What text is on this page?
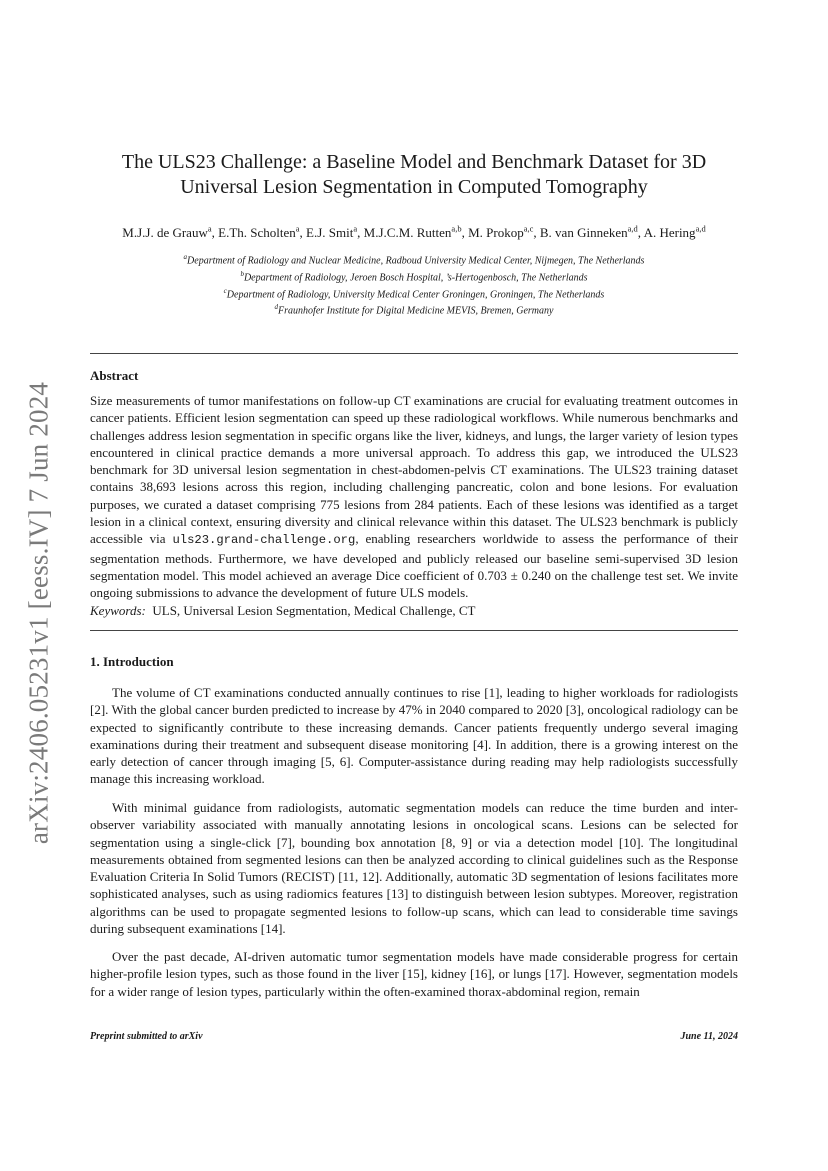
arXiv:2406.05231v1 [eess.IV] 7 Jun 2024
The ULS23 Challenge: a Baseline Model and Benchmark Dataset for 3D
Universal Lesion Segmentation in Computed Tomography
M.J.J. de Grauw$^a$, E.Th. Scholten$^a$, E.J. Smit$^a$, M.J.C.M. Rutten$^{a,b}$, M. Prokop$^{a,c}$, B. van Ginneken$^{a,d}$, A. Hering$^{a,d}$
$^a$Department of Radiology and Nuclear Medicine, Radboud University Medical Center, Nijmegen, The Netherlands
$^b$Department of Radiology, Jeroen Bosch Hospital, ’s-Hertogenbosch, The Netherlands
$^c$Department of Radiology, University Medical Center Groningen, Groningen, The Netherlands
$^d$Fraunhofer Institute for Digital Medicine MEVIS, Bremen, Germany
Abstract

Size measurements of tumor manifestations on follow-up CT examinations are crucial for evaluating treatment outcomes in cancer patients. Efficient lesion segmentation can speed up these radiological workflows. While numerous benchmarks and challenges address lesion segmentation in specific organs like the liver, kidneys, and lungs, the larger variety of lesion types encountered in clinical practice demands a more universal approach. To address this gap, we introduced the ULS23 benchmark for 3D universal lesion segmentation in chest-abdomen-pelvis CT examinations. The ULS23 training dataset contains 38,693 lesions across this region, including challenging pancreatic, colon and bone lesions. For evaluation purposes, we curated a dataset comprising 775 lesions from 284 patients. Each of these lesions was identified as a target lesion in a clinical context, ensuring diversity and clinical relevance within this dataset. The ULS23 benchmark is publicly accessible via uls23.grand-challenge.org, enabling researchers worldwide to assess the performance of their segmentation methods. Furthermore, we have developed and publicly released our baseline semi-supervised 3D lesion segmentation model. This model achieved an average Dice coefficient of 0.703 ± 0.240 on the challenge test set. We invite ongoing submissions to advance the development of future ULS models.

Keywords: ULS, Universal Lesion Segmentation, Medical Challenge, CT
1. Introduction

The volume of CT examinations conducted annually continues to rise [1], leading to higher workloads for radiologists [2]. With the global cancer burden predicted to increase by 47% in 2040 compared to 2020 [3], oncological radiology can be expected to significantly contribute to these increasing demands. Cancer patients frequently undergo several imaging examinations during their treatment and subsequent disease monitoring [4]. In addition, there is a growing interest on the early detection of cancer through imaging [5, 6]. Computer-assistance during reading may help radiologists successfully manage this increasing workload.

With minimal guidance from radiologists, automatic segmentation models can reduce the time burden and inter-observer variability associated with manually annotating lesions in oncological scans. Lesions can be selected for segmentation using a single-click [7], bounding box annotation [8, 9] or via a detection model [10]. The longitudinal measurements obtained from segmented lesions can then be analyzed according to clinical guidelines such as the Response Evaluation Criteria In Solid Tumors (RECIST) [11, 12]. Additionally, automatic 3D segmentation of lesions facilitates more sophisticated analyses, such as using radiomics features [13] to distinguish between lesion subtypes. Moreover, registration algorithms can be used to propagate segmented lesions to follow-up scans, which can lead to considerable time savings during subsequent examinations [14].

Over the past decade, AI-driven automatic tumor segmentation models have made considerable progress for certain higher-profile lesion types, such as those found in the liver [15], kidney [16], or lungs [17]. However, segmentation models for a wider range of lesion types, particularly within the often-examined thorax-abdominal region, remain

Preprint submitted to arXiv	June 11, 2024
